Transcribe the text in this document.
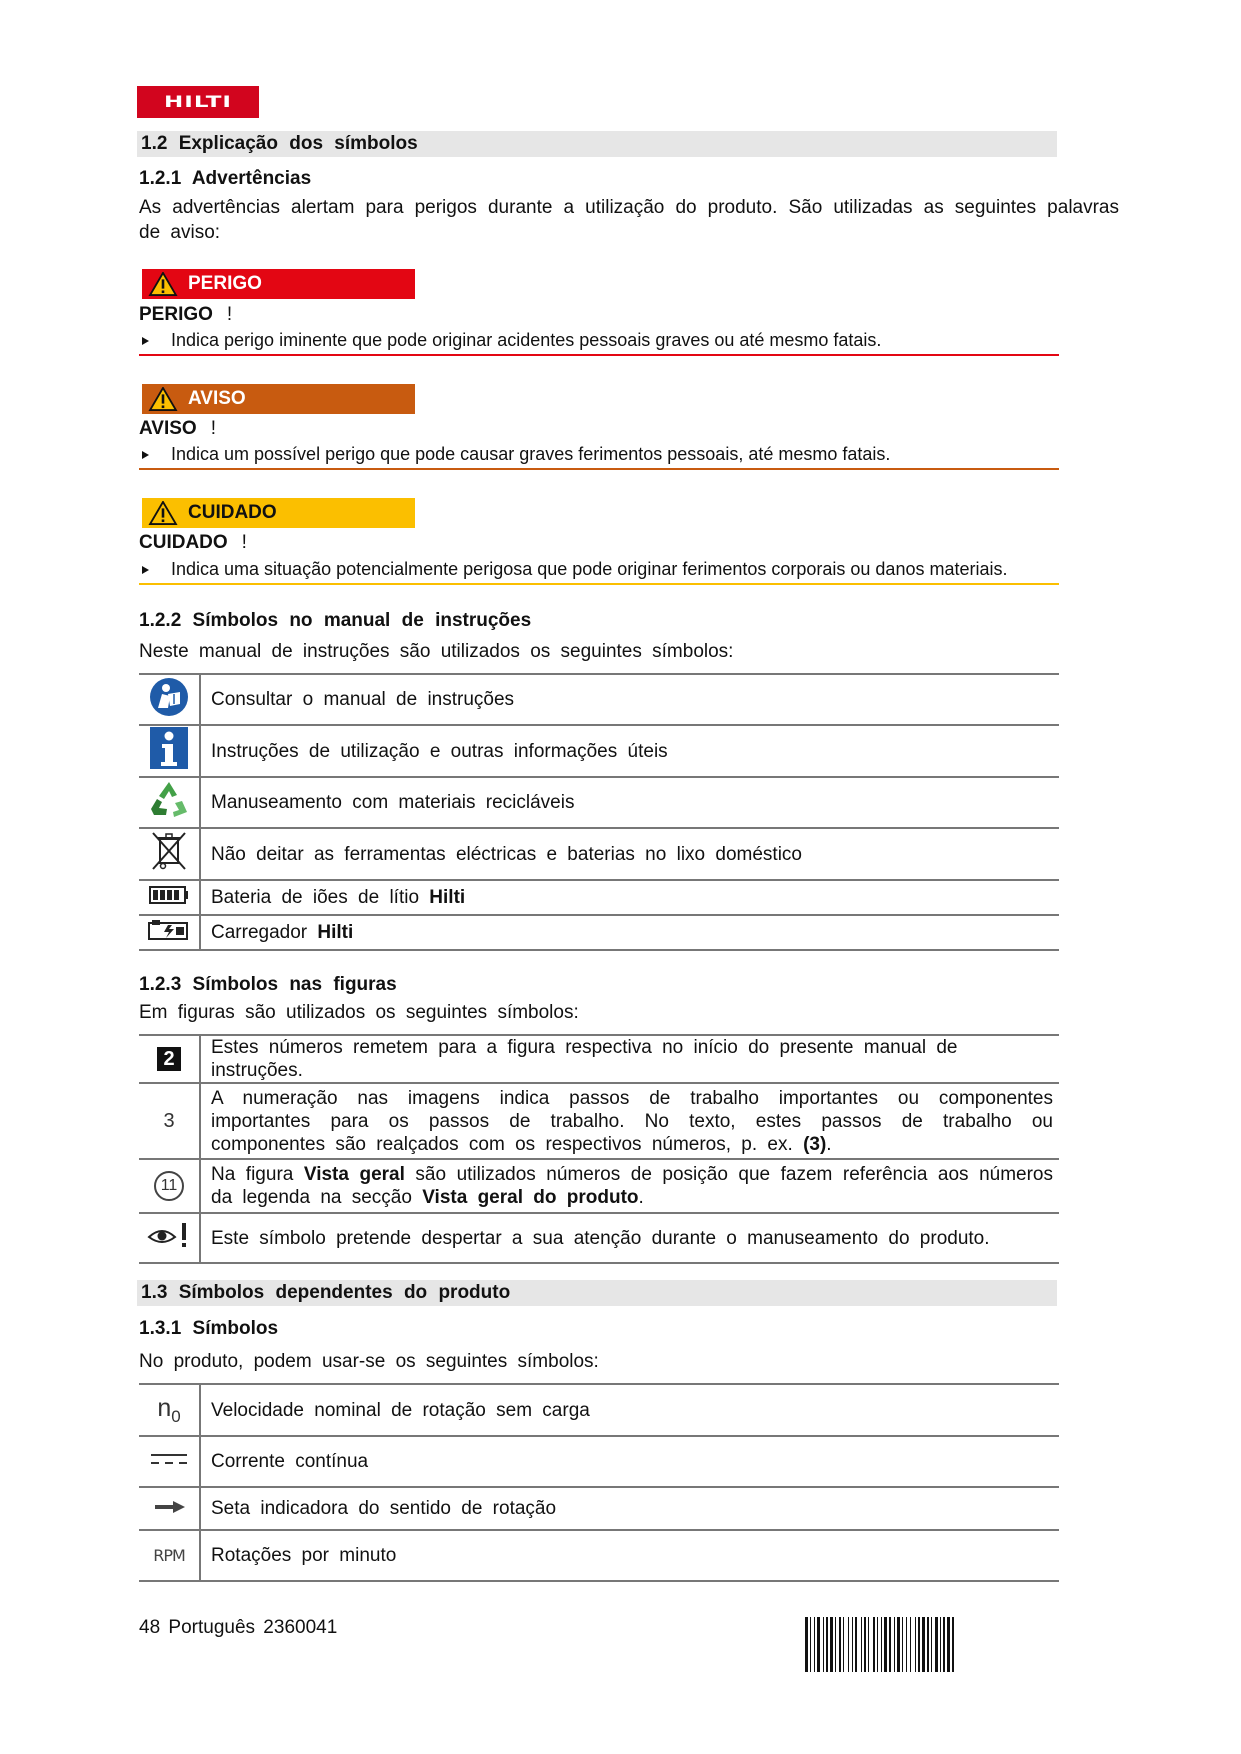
HILTI
1.2 Explicação dos símbolos
1.2.1 Advertências
As advertências alertam para perigos durante a utilização do produto. São utilizadas as seguintes palavras de aviso:
PERIGO
PERIGO !
Indica perigo iminente que pode originar acidentes pessoais graves ou até mesmo fatais.
AVISO
AVISO !
Indica um possível perigo que pode causar graves ferimentos pessoais, até mesmo fatais.
CUIDADO
CUIDADO !
Indica uma situação potencialmente perigosa que pode originar ferimentos corporais ou danos materiais.
1.2.2 Símbolos no manual de instruções
Neste manual de instruções são utilizados os seguintes símbolos:
	Consultar o manual de instruções
	Instruções de utilização e outras informações úteis
	Manuseamento com materiais recicláveis
	Não deitar as ferramentas eléctricas e baterias no lixo doméstico
	Bateria de iões de lítio Hilti
	Carregador Hilti
1.2.3 Símbolos nas figuras
Em figuras são utilizados os seguintes símbolos:
2	Estes números remetem para a figura respectiva no início do presente manual de instruções.
3	A numeração nas imagens indica passos de trabalho importantes ou componentes importantes para os passos de trabalho. No texto, estes passos de trabalho ou componentes são realçados com os respectivos números, p. ex. (3).
11	Na figura Vista geral são utilizados números de posição que fazem referência aos números da legenda na secção Vista geral do produto.
	Este símbolo pretende despertar a sua atenção durante o manuseamento do produto.
1.3 Símbolos dependentes do produto
1.3.1 Símbolos
No produto, podem usar-se os seguintes símbolos:
$n_0$	Velocidade nominal de rotação sem carga
	Corrente contínua
	Seta indicadora do sentido de rotação
RPM	Rotações por minuto
48 Português 2360041
